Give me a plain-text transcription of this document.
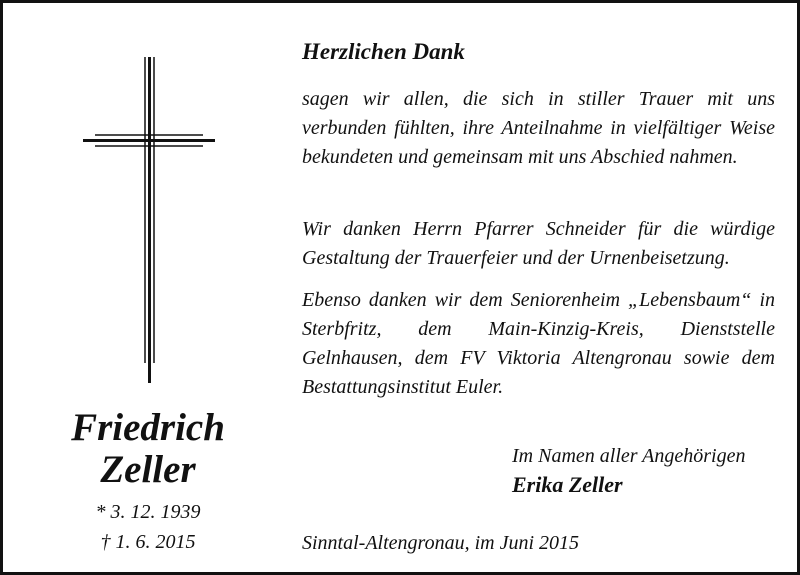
Friedrich
Zeller
* 3. 12. 1939
† 1. 6. 2015
Herzlichen Dank
sagen wir allen, die sich in stiller Trauer mit uns verbunden fühlten, ihre Anteilnahme in vielfältiger Weise bekundeten und gemeinsam mit uns Abschied nahmen.
Wir danken Herrn Pfarrer Schneider für die würdige Gestaltung der Trauerfeier und der Urnenbeisetzung.
Ebenso danken wir dem Seniorenheim „Lebensbaum“ in Sterbfritz, dem Main-Kinzig-Kreis, Dienststelle Gelnhausen, dem FV Viktoria Altengronau sowie dem Bestattungsinstitut Euler.
Im Namen aller Angehörigen
Erika Zeller
Sinntal-Altengronau, im Juni 2015
